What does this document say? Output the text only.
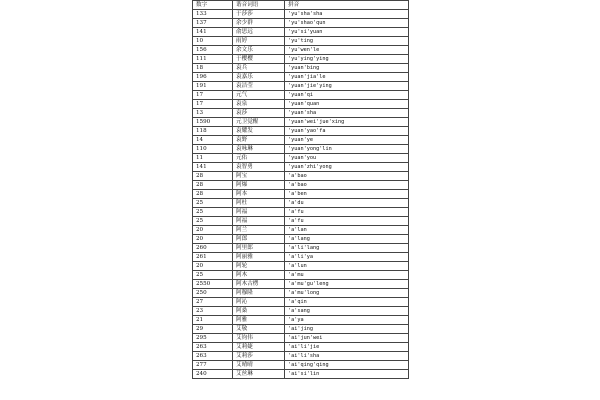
数字	谐音词语	拼音
133	于莎莎	'yu'sha'sha
137	余少群	'yu'shao'qun
141	俞思远	'yu'si'yuan
10	雨婷	'yu'ting
156	余文乐	'yu'wen'le
111	于樱樱	'yu'ying'ying
18	袁兵	'yuan'bing
196	袁嘉乐	'yuan'jia'le
191	袁洁莹	'yuan'jie'ying
17	元气	'yuan'qi
17	袁泉	'yuan'quan
13	袁莎	'yuan'sha
1590	元卫觉醒	'yuan'wei'jue'xing
118	袁耀发	'yuan'yao'fa
14	袁野	'yuan'ye
110	袁咏琳	'yuan'yong'lin
11	元佑	'yuan'you
141	袁智勇	'yuan'zhi'yong
28	阿宝	'a'bao
28	阿爆	'a'bao
28	阿本	'a'ben
25	阿杜	'a'du
25	阿福	'a'fu
25	阿福	'a'fu
20	阿兰	'a'lan
20	阿郎	'a'lang
260	阿里郎	'a'li'lang
261	阿丽雅	'a'li'ya
20	阿轮	'a'lun
25	阿木	'a'mu
2550	阿木古楞	'a'mu'gu'leng
250	阿穆隆	'a'mu'long
27	阿沁	'a'qin
23	阿桑	'a'sang
21	阿雅	'a'ya
29	艾敬	'ai'jing
295	艾钧伟	'ai'jun'wei
263	艾莉婕	'ai'li'jie
263	艾莉莎	'ai'li'sha
277	艾晴晴	'ai'qing'qing
240	艾丝琳	'ai'si'lin
